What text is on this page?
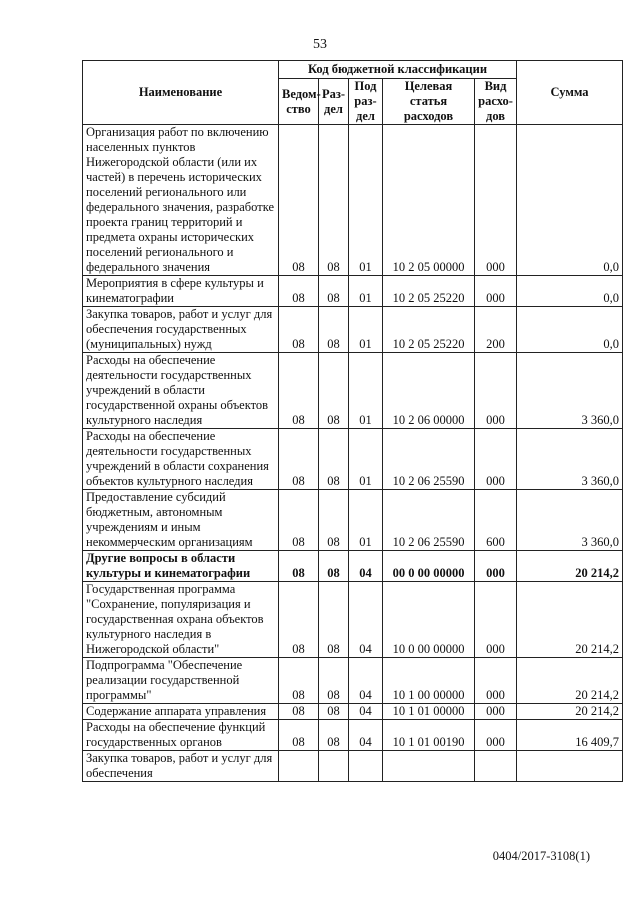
53
Наименование	Код бюджетной классификации					Сумма
	Ведом-ство	Раз-дел	Под раз-дел	Целевая статья расходов	Вид расхо-дов	
Организация работ по включению населенных пунктов Нижегородской области (или их частей) в перечень исторических поселений регионального или федерального значения, разработке проекта границ территорий и предмета охраны исторических поселений регионального и федерального значения	08	08	01	10 2 05 00000	000	0,0
Мероприятия в сфере культуры и кинематографии	08	08	01	10 2 05 25220	000	0,0
Закупка товаров, работ и услуг для обеспечения государственных (муниципальных) нужд	08	08	01	10 2 05 25220	200	0,0
Расходы на обеспечение деятельности государственных учреждений в области государственной охраны объектов культурного наследия	08	08	01	10 2 06 00000	000	3 360,0
Расходы на обеспечение деятельности государственных учреждений в области сохранения объектов культурного наследия	08	08	01	10 2 06 25590	000	3 360,0
Предоставление субсидий бюджетным, автономным учреждениям и иным некоммерческим организациям	08	08	01	10 2 06 25590	600	3 360,0
Другие вопросы в области культуры и кинематографии	08	08	04	00 0 00 00000	000	20 214,2
Государственная программа "Сохранение, популяризация и государственная охрана объектов культурного наследия в Нижегородской области"	08	08	04	10 0 00 00000	000	20 214,2
Подпрограмма "Обеспечение реализации государственной программы"	08	08	04	10 1 00 00000	000	20 214,2
Содержание аппарата управления	08	08	04	10 1 01 00000	000	20 214,2
Расходы на обеспечение функций государственных органов	08	08	04	10 1 01 00190	000	16 409,7
Закупка товаров, работ и услуг для обеспечения						
0404/2017-3108(1)
